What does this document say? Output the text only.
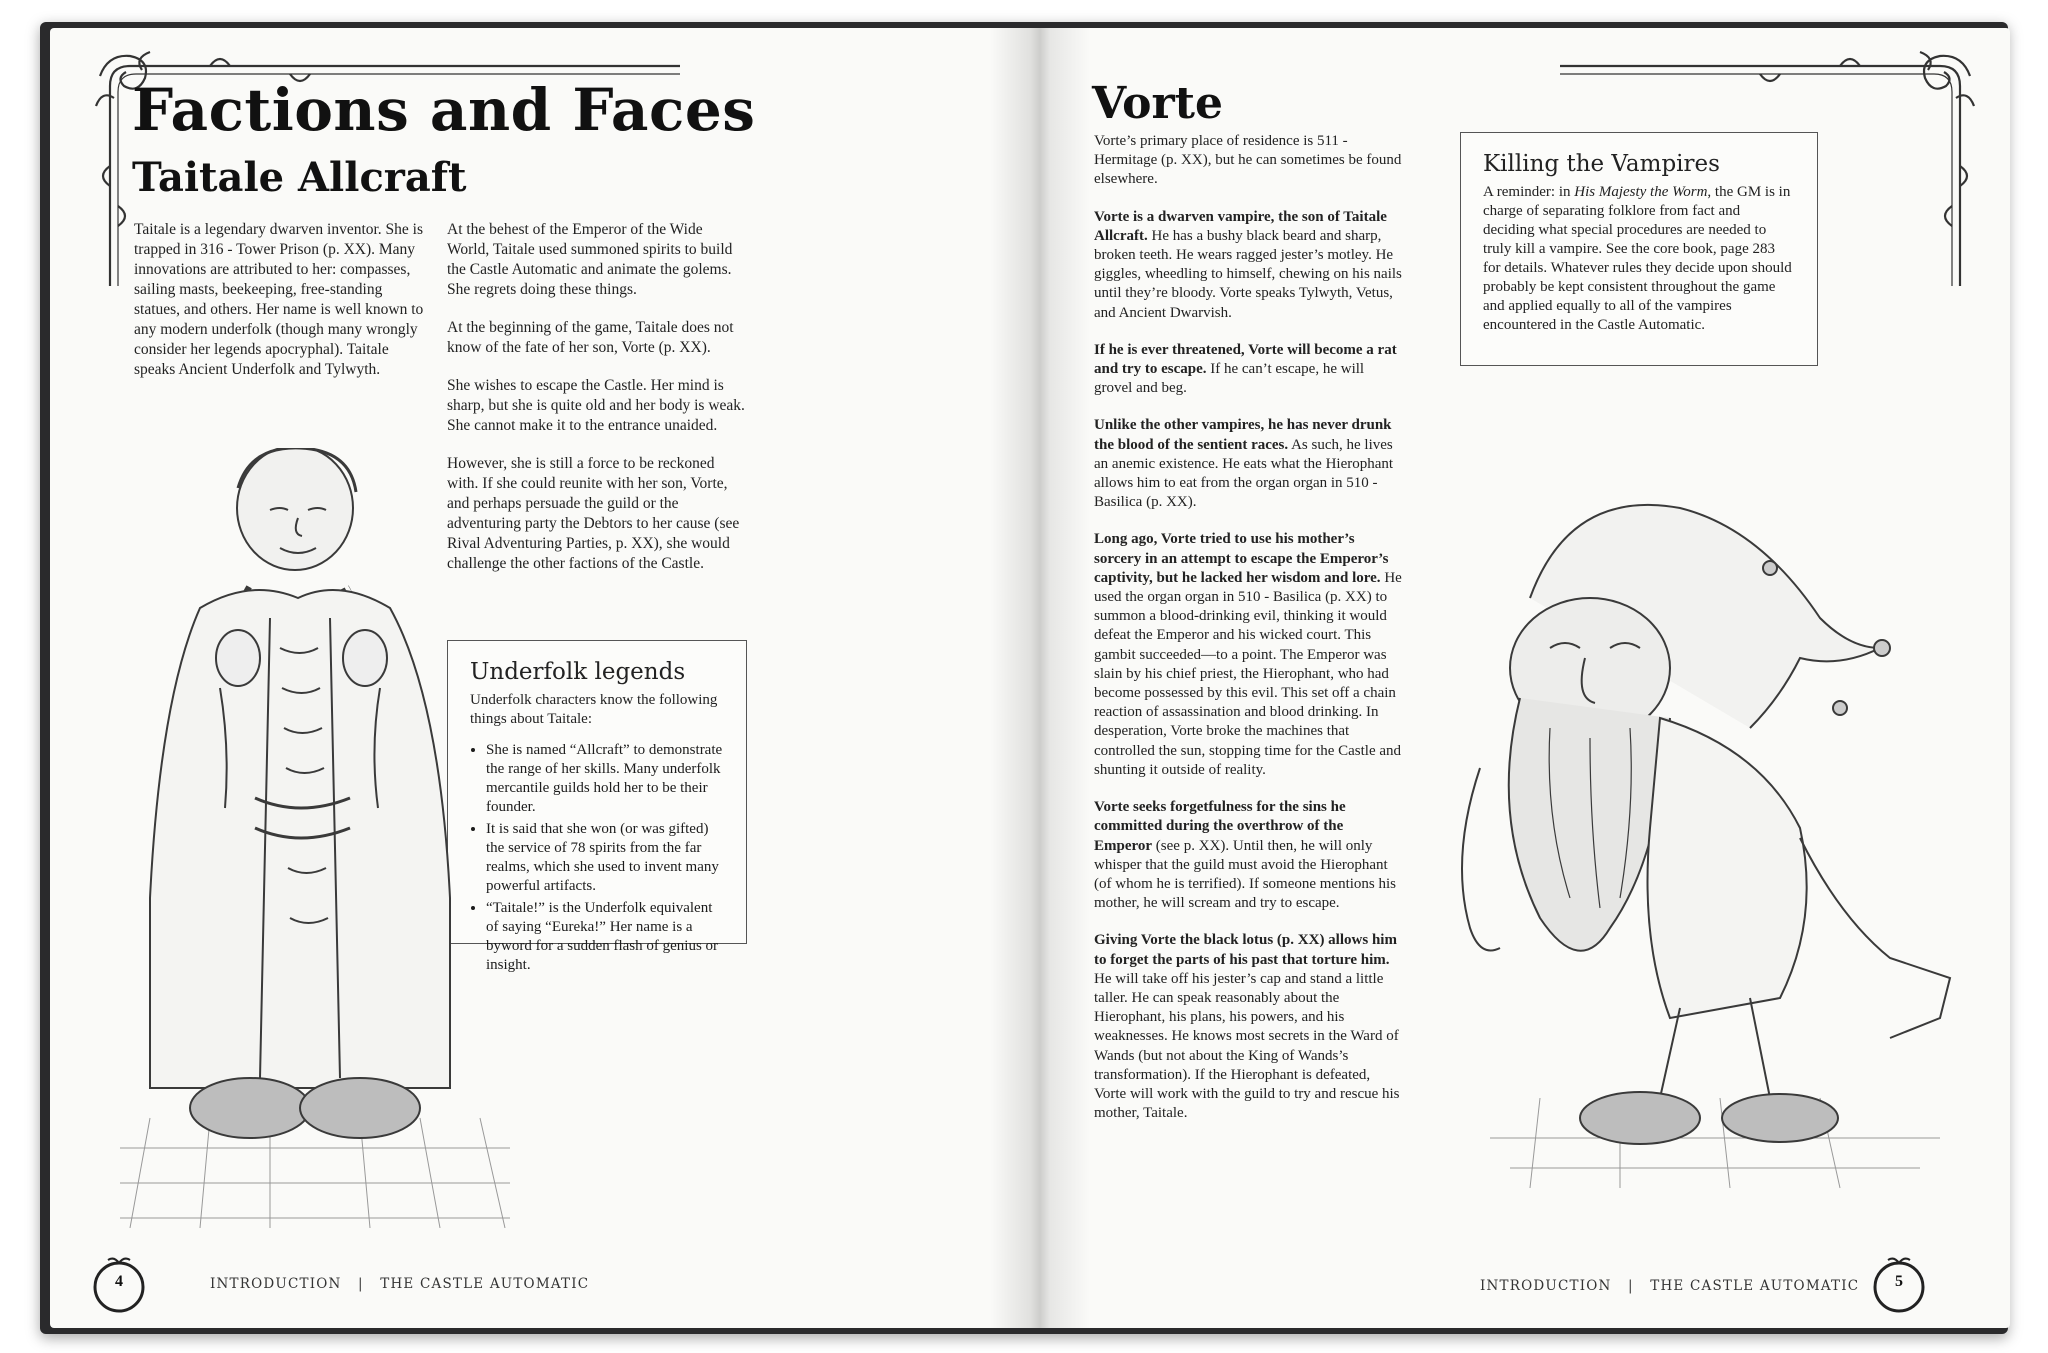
Factions and Faces
Taitale Allcraft

Taitale is a legendary dwarven inventor. She is trapped in 316 - Tower Prison (p. XX). Many innovations are attributed to her: compasses, sailing masts, beekeeping, free-standing statues, and others. Her name is well known to any modern underfolk (though many wrongly consider her legends apocryphal). Taitale speaks Ancient Underfolk and Tylwyth.

At the behest of the Emperor of the Wide World, Taitale used summoned spirits to build the Castle Automatic and animate the golems. She regrets doing these things.

At the beginning of the game, Taitale does not know of the fate of her son, Vorte (p. XX).

She wishes to escape the Castle. Her mind is sharp, but she is quite old and her body is weak. She cannot make it to the entrance unaided.

However, she is still a force to be reckoned with. If she could reunite with her son, Vorte, and perhaps persuade the guild or the adventuring party the Debtors to her cause (see Rival Adventuring Parties, p. XX), she would challenge the other factions of the Castle.

Underfolk legends
Underfolk characters know the following things about Taitale:
• She is named “Allcraft” to demonstrate the range of her skills. Many underfolk mercantile guilds hold her to be their founder.
• It is said that she won (or was gifted) the service of 78 spirits from the far realms, which she used to invent many powerful artifacts.
• “Taitale!” is the Underfolk equivalent of saying “Eureka!” Her name is a byword for a sudden flash of genius or insight.
4	INTRODUCTION | THE CASTLE AUTOMATIC
Vorte

Vorte’s primary place of residence is 511 - Hermitage (p. XX), but he can sometimes be found elsewhere.

Vorte is a dwarven vampire, the son of Taitale Allcraft. He has a bushy black beard and sharp, broken teeth. He wears ragged jester’s motley. He giggles, wheedling to himself, chewing on his nails until they’re bloody. Vorte speaks Tylwyth, Vetus, and Ancient Dwarvish.

If he is ever threatened, Vorte will become a rat and try to escape. If he can’t escape, he will grovel and beg.

Unlike the other vampires, he has never drunk the blood of the sentient races. As such, he lives an anemic existence. He eats what the Hierophant allows him to eat from the organ organ in 510 - Basilica (p. XX).

Long ago, Vorte tried to use his mother’s sorcery in an attempt to escape the Emperor’s captivity, but he lacked her wisdom and lore. He used the organ organ in 510 - Basilica (p. XX) to summon a blood-drinking evil, thinking it would defeat the Emperor and his wicked court. This gambit succeeded—to a point. The Emperor was slain by his chief priest, the Hierophant, who had become possessed by this evil. This set off a chain reaction of assassination and blood drinking. In desperation, Vorte broke the machines that controlled the sun, stopping time for the Castle and shunting it outside of reality.

Vorte seeks forgetfulness for the sins he committed during the overthrow of the Emperor (see p. XX). Until then, he will only whisper that the guild must avoid the Hierophant (of whom he is terrified). If someone mentions his mother, he will scream and try to escape.

Giving Vorte the black lotus (p. XX) allows him to forget the parts of his past that torture him. He will take off his jester’s cap and stand a little taller. He can speak reasonably about the Hierophant, his plans, his powers, and his weaknesses. He knows most secrets in the Ward of Wands (but not about the King of Wands’s transformation). If the Hierophant is defeated, Vorte will work with the guild to try and rescue his mother, Taitale.

Killing the Vampires
A reminder: in His Majesty the Worm, the GM is in charge of separating folklore from fact and deciding what special procedures are needed to truly kill a vampire. See the core book, page 283 for details. Whatever rules they decide upon should probably be kept consistent throughout the game and applied equally to all of the vampires encountered in the Castle Automatic.
INTRODUCTION | THE CASTLE AUTOMATIC	5
